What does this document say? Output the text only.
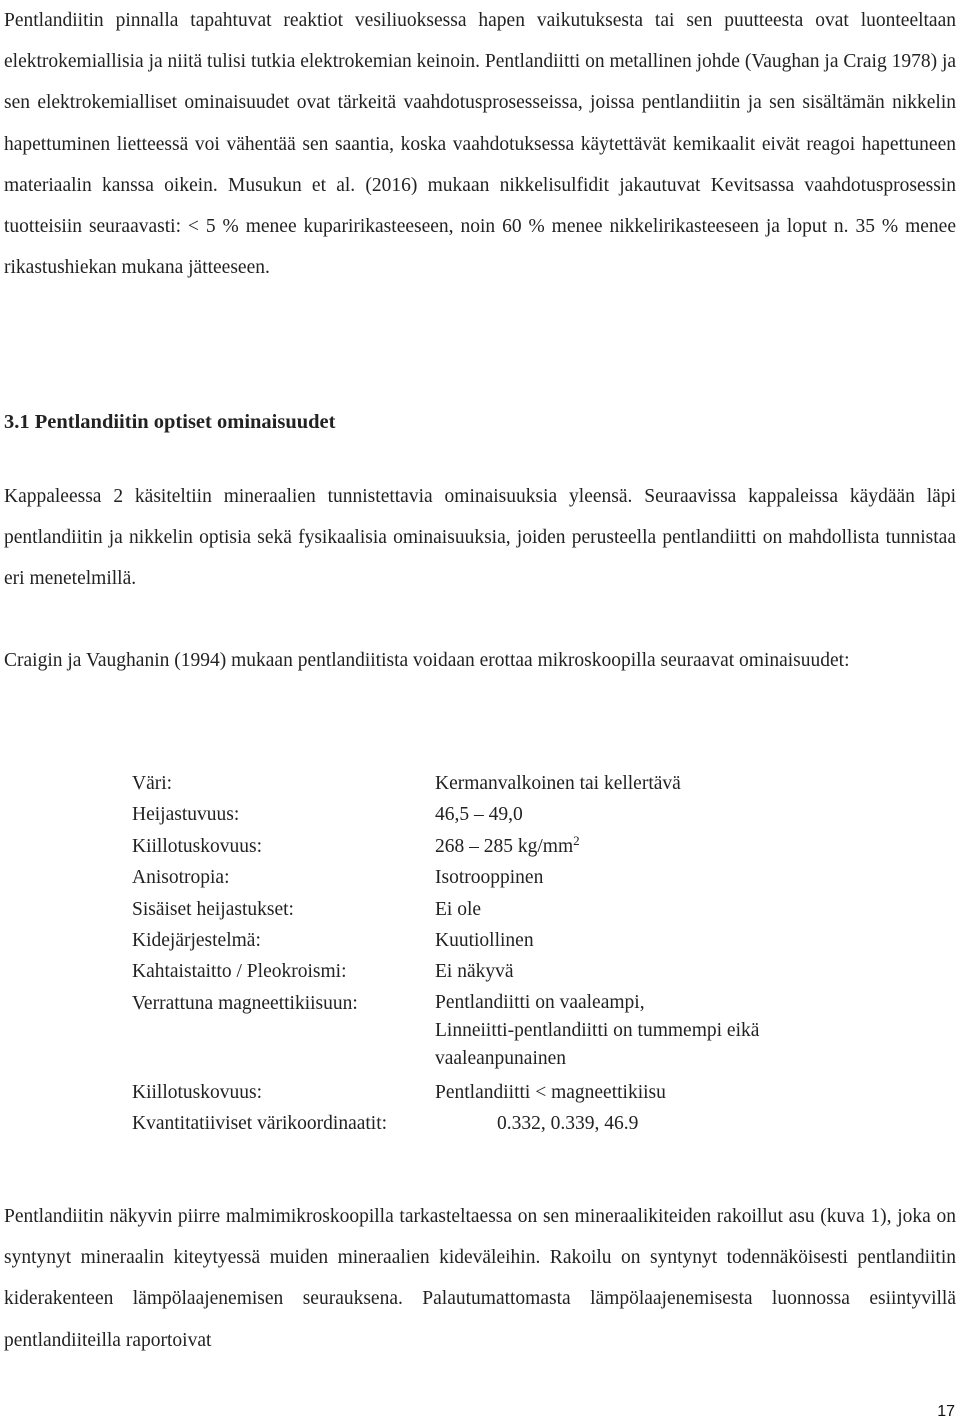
Pentlandiitin pinnalla tapahtuvat reaktiot vesiliuoksessa hapen vaikutuksesta tai sen puutteesta ovat luonteeltaan elektrokemiallisia ja niitä tulisi tutkia elektrokemian keinoin. Pentlandiitti on metallinen johde (Vaughan ja Craig 1978) ja sen elektrokemialliset ominaisuudet ovat tärkeitä vaahdotusprosesseissa, joissa pentlandiitin ja sen sisältämän nikkelin hapettuminen lietteessä voi vähentää sen saantia, koska vaahdotuksessa käytettävät kemikaalit eivät reagoi hapettuneen materiaalin kanssa oikein. Musukun et al. (2016) mukaan nikkelisulfidit jakautuvat Kevitsassa vaahdotusprosessin tuotteisiin seuraavasti: < 5 % menee kuparirikasteeseen, noin 60 % menee nikkelirikasteeseen ja loput n. 35 % menee rikastushiekan mukana jätteeseen.

3.1 Pentlandiitin optiset ominaisuudet

Kappaleessa 2 käsiteltiin mineraalien tunnistettavia ominaisuuksia yleensä. Seuraavissa kappaleissa käydään läpi pentlandiitin ja nikkelin optisia sekä fysikaalisia ominaisuuksia, joiden perusteella pentlandiitti on mahdollista tunnistaa eri menetelmillä.

Craigin ja Vaughanin (1994) mukaan pentlandiitista voidaan erottaa mikroskoopilla seuraavat ominaisuudet:

Väri:	Kermanvalkoinen tai kellertävä
Heijastuvuus:	46,5 – 49,0
Kiillotuskovuus:	268 – 285 $kg/mm^2$
Anisotropia:	Isotrooppinen
Sisäiset heijastukset:	Ei ole
Kidejärjestelmä:	Kuutiollinen
Kahtaistaitto / Pleokroismi:	Ei näkyvä
Verrattuna magneettikiisuun:	Pentlandiitti on vaaleampi,
Linneiitti-pentlandiitti on tummempi eikä
vaaleanpunainen
Kiillotuskovuus:	Pentlandiitti < magneettikiisu
Kvantitatiiviset värikoordinaatit:	0.332, 0.339, 46.9

Pentlandiitin näkyvin piirre malmimikroskoopilla tarkasteltaessa on sen mineraalikiteiden rakoillut asu (kuva 1), joka on syntynyt mineraalin kiteytyessä muiden mineraalien kideväleihin. Rakoilu on syntynyt todennäköisesti pentlandiitin kiderakenteen lämpölaajenemisen seurauksena. Palautumattomasta lämpölaajenemisesta luonnossa esiintyvillä pentlandiiteilla raportoivat

17
